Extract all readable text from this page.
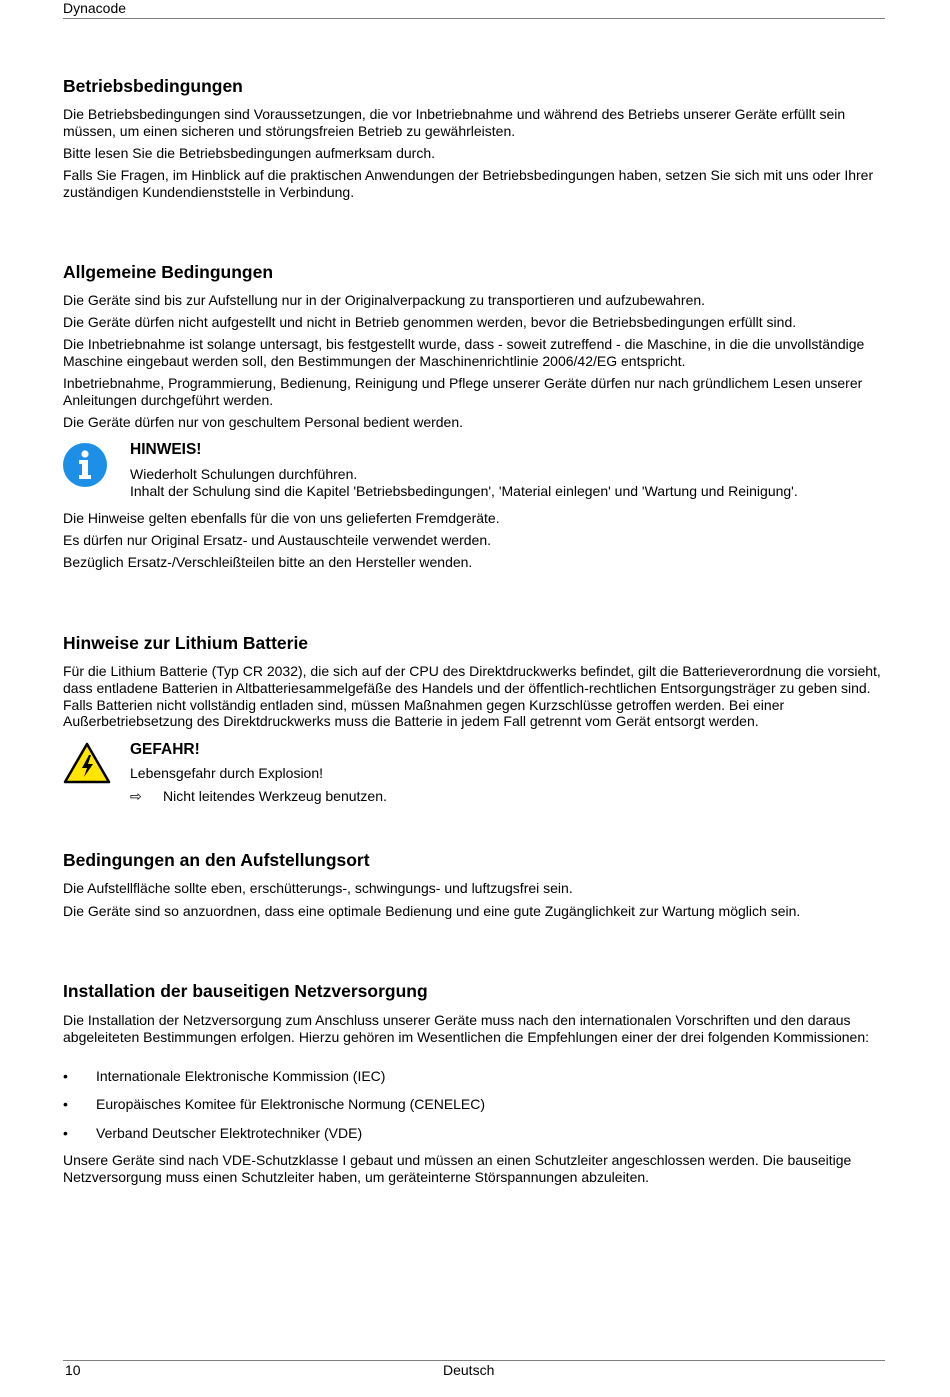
Dynacode
Betriebsbedingungen

Die Betriebsbedingungen sind Voraussetzungen, die vor Inbetriebnahme und während des Betriebs unserer Geräte erfüllt sein müssen, um einen sicheren und störungsfreien Betrieb zu gewährleisten.

Bitte lesen Sie die Betriebsbedingungen aufmerksam durch.

Falls Sie Fragen, im Hinblick auf die praktischen Anwendungen der Betriebsbedingungen haben, setzen Sie sich mit uns oder Ihrer zuständigen Kundendienststelle in Verbindung.

Allgemeine Bedingungen

Die Geräte sind bis zur Aufstellung nur in der Originalverpackung zu transportieren und aufzubewahren.

Die Geräte dürfen nicht aufgestellt und nicht in Betrieb genommen werden, bevor die Betriebsbedingungen erfüllt sind.

Die Inbetriebnahme ist solange untersagt, bis festgestellt wurde, dass - soweit zutreffend - die Maschine, in die die unvollständige Maschine eingebaut werden soll, den Bestimmungen der Maschinenrichtlinie 2006/42/EG entspricht.

Inbetriebnahme, Programmierung, Bedienung, Reinigung und Pflege unserer Geräte dürfen nur nach gründlichem Lesen unserer Anleitungen durchgeführt werden.

Die Geräte dürfen nur von geschultem Personal bedient werden.

HINWEIS!
Wiederholt Schulungen durchführen.
Inhalt der Schulung sind die Kapitel 'Betriebsbedingungen', 'Material einlegen' und 'Wartung und Reinigung'.

Die Hinweise gelten ebenfalls für die von uns gelieferten Fremdgeräte.

Es dürfen nur Original Ersatz- und Austauschteile verwendet werden.

Bezüglich Ersatz-/Verschleißteilen bitte an den Hersteller wenden.

Hinweise zur Lithium Batterie

Für die Lithium Batterie (Typ CR 2032), die sich auf der CPU des Direktdruckwerks befindet, gilt die Batterieverordnung die vorsieht, dass entladene Batterien in Altbatteriesammelgefäße des Handels und der öffentlich-rechtlichen Entsorgungsträger zu geben sind. Falls Batterien nicht vollständig entladen sind, müssen Maßnahmen gegen Kurzschlüsse getroffen werden. Bei einer Außerbetriebsetzung des Direktdruckwerks muss die Batterie in jedem Fall getrennt vom Gerät entsorgt werden.

GEFAHR!
Lebensgefahr durch Explosion!
⇨ Nicht leitendes Werkzeug benutzen.
Bedingungen an den Aufstellungsort

Die Aufstellfläche sollte eben, erschütterungs-, schwingungs- und luftzugsfrei sein.

Die Geräte sind so anzuordnen, dass eine optimale Bedienung und eine gute Zugänglichkeit zur Wartung möglich sein.

Installation der bauseitigen Netzversorgung

Die Installation der Netzversorgung zum Anschluss unserer Geräte muss nach den internationalen Vorschriften und den daraus abgeleiteten Bestimmungen erfolgen. Hierzu gehören im Wesentlichen die Empfehlungen einer der drei folgenden Kommissionen:

• Internationale Elektronische Kommission (IEC)
• Europäisches Komitee für Elektronische Normung (CENELEC)
• Verband Deutscher Elektrotechniker (VDE)

Unsere Geräte sind nach VDE-Schutzklasse I gebaut und müssen an einen Schutzleiter angeschlossen werden. Die bauseitige Netzversorgung muss einen Schutzleiter haben, um geräteinterne Störspannungen abzuleiten.

10	Deutsch
